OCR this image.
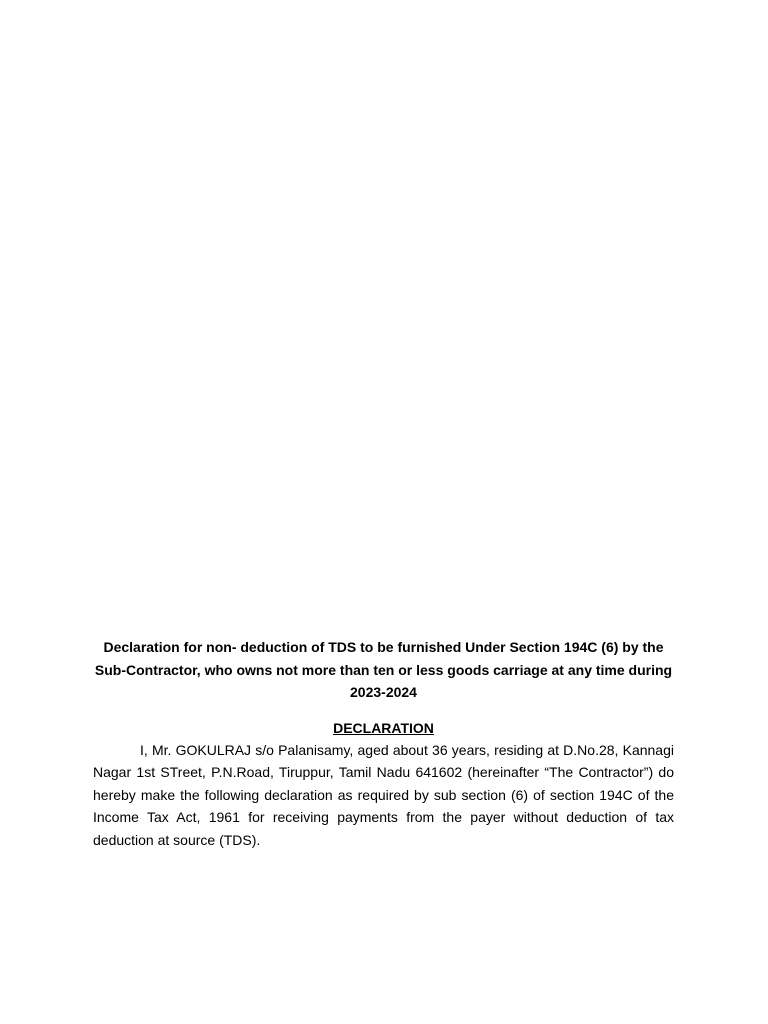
Declaration for non- deduction of TDS to be furnished Under Section 194C (6) by the Sub-Contractor, who owns not more than ten or less goods carriage at any time during 2023-2024

DECLARATION

I, Mr. GOKULRAJ s/o Palanisamy, aged about 36 years, residing at D.No.28, Kannagi Nagar 1st STreet, P.N.Road, Tiruppur, Tamil Nadu 641602 (hereinafter “The Contractor”) do hereby make the following declaration as required by sub section (6) of section 194C of the Income Tax Act, 1961 for receiving payments from the payer without deduction of tax deduction at source (TDS).
